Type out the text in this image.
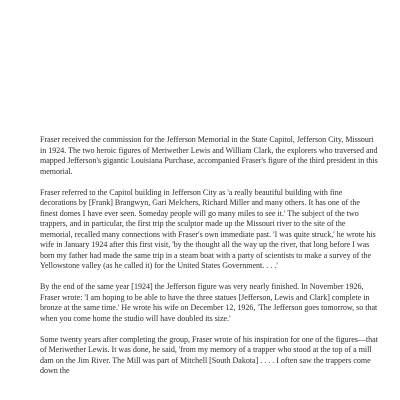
Fraser received the commission for the Jefferson Memorial in the State Capitol, Jefferson City, Missouri in 1924. The two heroic figures of Meriwether Lewis and William Clark, the explorers who traversed and mapped Jefferson's gigantic Louisiana Purchase, accompanied Fraser's figure of the third president in this memorial.

Fraser referred to the Capitol building in Jefferson City as 'a really beautiful building with fine decorations by [Frank] Brangwyn, Gari Melchers, Richard Miller and many others. It has one of the finest domes I have ever seen. Someday people will go many miles to see it.' The subject of the two trappers, and in particular, the first trip the sculptor made up the Missouri river to the site of the memorial, recalled many connections with Fraser's own immediate past. 'I was quite struck,' he wrote his wife in January 1924 after this first visit, 'by the thought all the way up the river, that long before I was born my father had made the same trip in a steam boat with a party of scientists to make a survey of the Yellowstone valley (as he called it) for the United States Government. . . .'

By the end of the same year [1924] the Jefferson figure was very nearly finished. In November 1926, Fraser wrote: 'I am hoping to be able to have the three statues [Jefferson, Lewis and Clark] complete in bronze at the same time.' He wrote his wife on December 12, 1926, 'The Jefferson goes tomorrow, so that when you come home the studio will have doubled its size.'

Some twenty years after completing the group, Fraser wrote of his inspiration for one of the figures—that of Meriwether Lewis. It was done, he said, 'from my memory of a trapper who stood at the top of a mill dam on the Jim River. The Mill was part of Mitchell [South Dakota] . . . . I often saw the trappers come down the
